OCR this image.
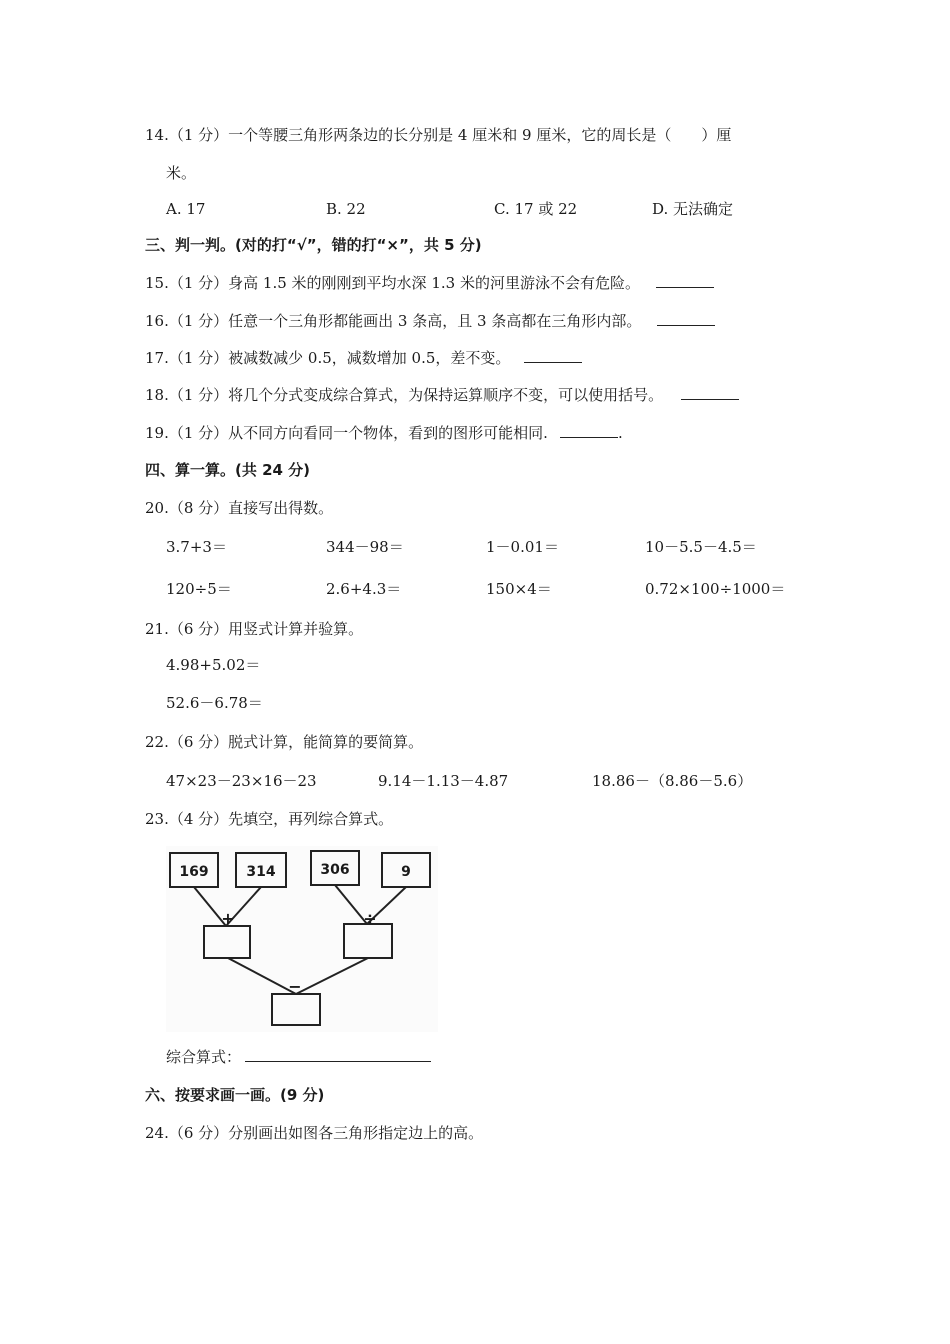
14.（1 分）一个等腰三角形两条边的长分别是 4 厘米和 9 厘米，它的周长是（　　）厘
米。
A. 17	B. 22	C. 17 或 22	D. 无法确定
三、判一判。(对的打“√”，错的打“×”，共 5 分)
15.（1 分）身高 1.5 米的刚刚到平均水深 1.3 米的河里游泳不会有危险。
16.（1 分）任意一个三角形都能画出 3 条高，且 3 条高都在三角形内部。
17.（1 分）被减数减少 0.5，减数增加 0.5，差不变。
18.（1 分）将几个分式变成综合算式，为保持运算顺序不变，可以使用括号。
19.（1 分）从不同方向看同一个物体，看到的图形可能相同.	.
四、算一算。(共 24 分)
20.（8 分）直接写出得数。
3.7+3＝	344－98＝	1－0.01＝	10－5.5－4.5＝
120÷5＝	2.6+4.3＝	150×4＝	0.72×100÷1000＝
21.（6 分）用竖式计算并验算。
4.98+5.02＝
52.6－6.78＝
22.（6 分）脱式计算，能简算的要简算。
47×23－23×16－23	9.14－1.13－4.87	18.86－（8.86－5.6）
23.（4 分）先填空，再列综合算式。
169	314	306	9
+	÷
−
综合算式：
六、按要求画一画。(9 分)
24.（6 分）分别画出如图各三角形指定边上的高。
